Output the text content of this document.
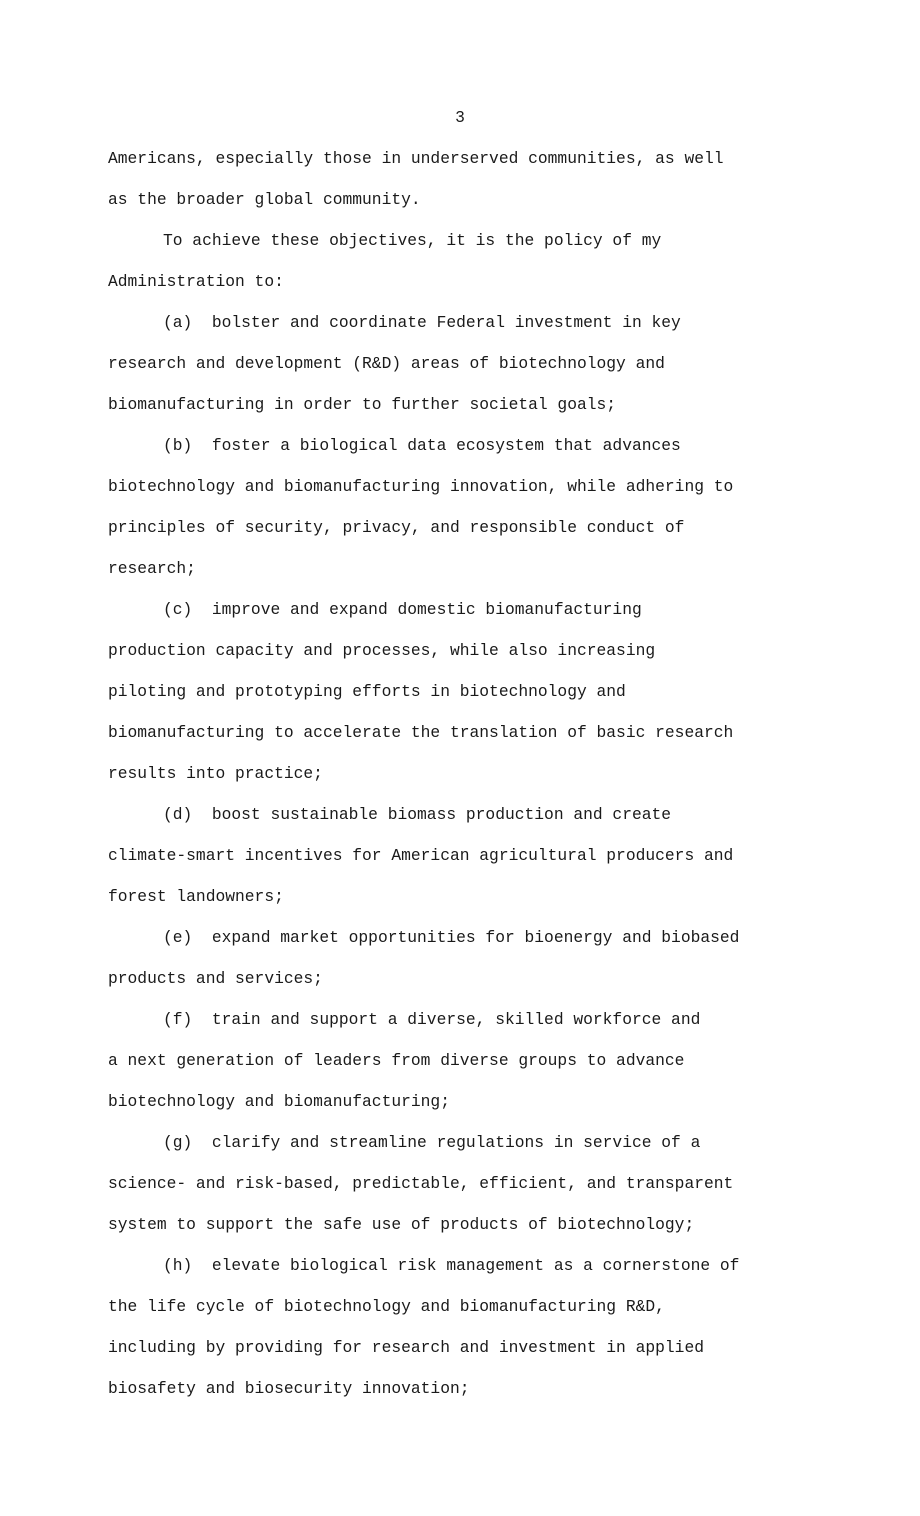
3
Americans, especially those in underserved communities, as well
as the broader global community.
To achieve these objectives, it is the policy of my
Administration to:
(a)  bolster and coordinate Federal investment in key
research and development (R&D) areas of biotechnology and
biomanufacturing in order to further societal goals;
(b)  foster a biological data ecosystem that advances
biotechnology and biomanufacturing innovation, while adhering to
principles of security, privacy, and responsible conduct of
research;
(c)  improve and expand domestic biomanufacturing
production capacity and processes, while also increasing
piloting and prototyping efforts in biotechnology and
biomanufacturing to accelerate the translation of basic research
results into practice;
(d)  boost sustainable biomass production and create
climate-smart incentives for American agricultural producers and
forest landowners;
(e)  expand market opportunities for bioenergy and biobased
products and services;
(f)  train and support a diverse, skilled workforce and
a next generation of leaders from diverse groups to advance
biotechnology and biomanufacturing;
(g)  clarify and streamline regulations in service of a
science- and risk-based, predictable, efficient, and transparent
system to support the safe use of products of biotechnology;
(h)  elevate biological risk management as a cornerstone of
the life cycle of biotechnology and biomanufacturing R&D,
including by providing for research and investment in applied
biosafety and biosecurity innovation;
